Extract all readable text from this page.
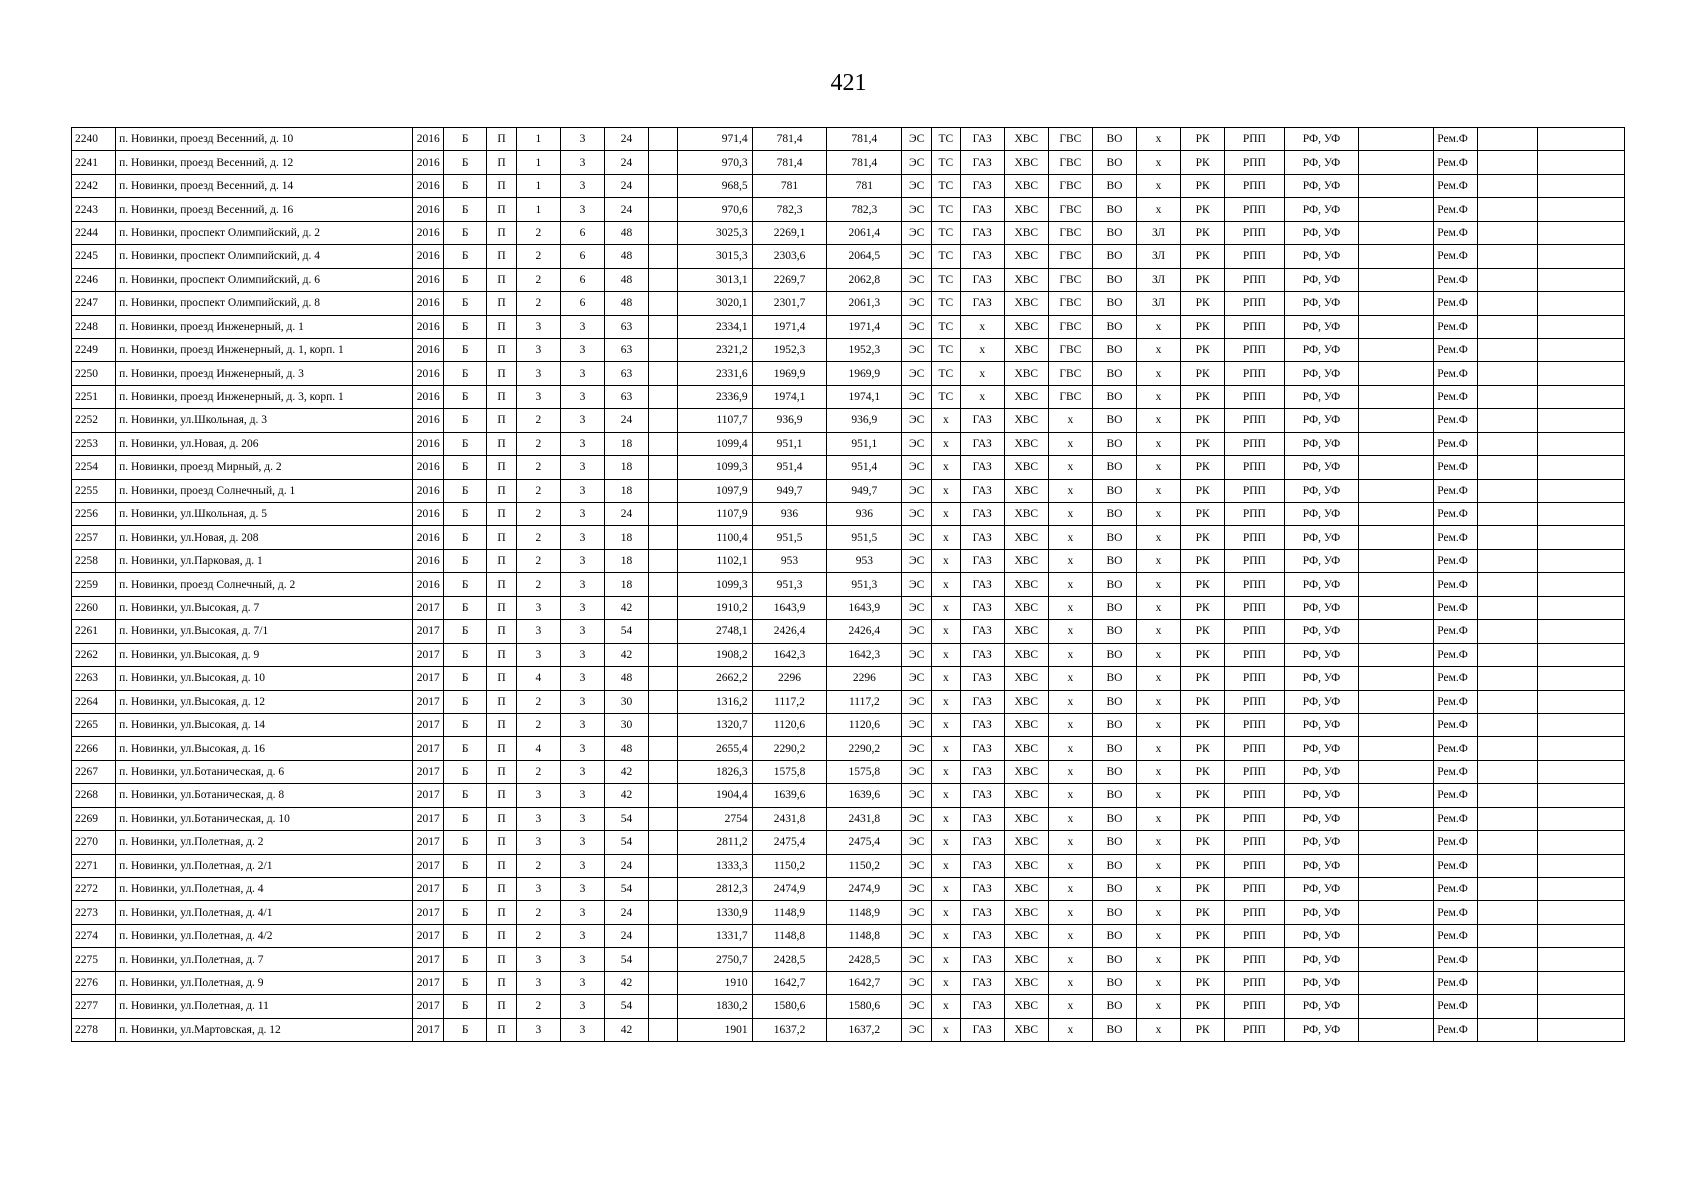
421
2240	п. Новинки, проезд Весенний, д. 10	2016	Б	П	1	3	24		971,4	781,4	781,4	ЭС	ТС	ГАЗ	ХВС	ГВС	ВО	х	РК	РПП	РФ, УФ		Рем.Ф		
2241	п. Новинки, проезд Весенний, д. 12	2016	Б	П	1	3	24		970,3	781,4	781,4	ЭС	ТС	ГАЗ	ХВС	ГВС	ВО	х	РК	РПП	РФ, УФ		Рем.Ф		
2242	п. Новинки, проезд Весенний, д. 14	2016	Б	П	1	3	24		968,5	781	781	ЭС	ТС	ГАЗ	ХВС	ГВС	ВО	х	РК	РПП	РФ, УФ		Рем.Ф		
2243	п. Новинки, проезд Весенний, д. 16	2016	Б	П	1	3	24		970,6	782,3	782,3	ЭС	ТС	ГАЗ	ХВС	ГВС	ВО	х	РК	РПП	РФ, УФ		Рем.Ф		
2244	п. Новинки, проспект Олимпийский, д. 2	2016	Б	П	2	6	48		3025,3	2269,1	2061,4	ЭС	ТС	ГАЗ	ХВС	ГВС	ВО	ЗЛ	РК	РПП	РФ, УФ		Рем.Ф		
2245	п. Новинки, проспект Олимпийский, д. 4	2016	Б	П	2	6	48		3015,3	2303,6	2064,5	ЭС	ТС	ГАЗ	ХВС	ГВС	ВО	ЗЛ	РК	РПП	РФ, УФ		Рем.Ф		
2246	п. Новинки, проспект Олимпийский, д. 6	2016	Б	П	2	6	48		3013,1	2269,7	2062,8	ЭС	ТС	ГАЗ	ХВС	ГВС	ВО	ЗЛ	РК	РПП	РФ, УФ		Рем.Ф		
2247	п. Новинки, проспект Олимпийский, д. 8	2016	Б	П	2	6	48		3020,1	2301,7	2061,3	ЭС	ТС	ГАЗ	ХВС	ГВС	ВО	ЗЛ	РК	РПП	РФ, УФ		Рем.Ф		
2248	п. Новинки, проезд Инженерный, д. 1	2016	Б	П	3	3	63		2334,1	1971,4	1971,4	ЭС	ТС	х	ХВС	ГВС	ВО	х	РК	РПП	РФ, УФ		Рем.Ф		
2249	п. Новинки, проезд Инженерный, д. 1, корп. 1	2016	Б	П	3	3	63		2321,2	1952,3	1952,3	ЭС	ТС	х	ХВС	ГВС	ВО	х	РК	РПП	РФ, УФ		Рем.Ф		
2250	п. Новинки, проезд Инженерный, д. 3	2016	Б	П	3	3	63		2331,6	1969,9	1969,9	ЭС	ТС	х	ХВС	ГВС	ВО	х	РК	РПП	РФ, УФ		Рем.Ф		
2251	п. Новинки, проезд Инженерный, д. 3, корп. 1	2016	Б	П	3	3	63		2336,9	1974,1	1974,1	ЭС	ТС	х	ХВС	ГВС	ВО	х	РК	РПП	РФ, УФ		Рем.Ф		
2252	п. Новинки, ул.Школьная, д. 3	2016	Б	П	2	3	24		1107,7	936,9	936,9	ЭС	х	ГАЗ	ХВС	х	ВО	х	РК	РПП	РФ, УФ		Рем.Ф		
2253	п. Новинки, ул.Новая, д. 206	2016	Б	П	2	3	18		1099,4	951,1	951,1	ЭС	х	ГАЗ	ХВС	х	ВО	х	РК	РПП	РФ, УФ		Рем.Ф		
2254	п. Новинки, проезд Мирный, д. 2	2016	Б	П	2	3	18		1099,3	951,4	951,4	ЭС	х	ГАЗ	ХВС	х	ВО	х	РК	РПП	РФ, УФ		Рем.Ф		
2255	п. Новинки, проезд Солнечный, д. 1	2016	Б	П	2	3	18		1097,9	949,7	949,7	ЭС	х	ГАЗ	ХВС	х	ВО	х	РК	РПП	РФ, УФ		Рем.Ф		
2256	п. Новинки, ул.Школьная, д. 5	2016	Б	П	2	3	24		1107,9	936	936	ЭС	х	ГАЗ	ХВС	х	ВО	х	РК	РПП	РФ, УФ		Рем.Ф		
2257	п. Новинки, ул.Новая, д. 208	2016	Б	П	2	3	18		1100,4	951,5	951,5	ЭС	х	ГАЗ	ХВС	х	ВО	х	РК	РПП	РФ, УФ		Рем.Ф		
2258	п. Новинки, ул.Парковая, д. 1	2016	Б	П	2	3	18		1102,1	953	953	ЭС	х	ГАЗ	ХВС	х	ВО	х	РК	РПП	РФ, УФ		Рем.Ф		
2259	п. Новинки, проезд Солнечный, д. 2	2016	Б	П	2	3	18		1099,3	951,3	951,3	ЭС	х	ГАЗ	ХВС	х	ВО	х	РК	РПП	РФ, УФ		Рем.Ф		
2260	п. Новинки, ул.Высокая, д. 7	2017	Б	П	3	3	42		1910,2	1643,9	1643,9	ЭС	х	ГАЗ	ХВС	х	ВО	х	РК	РПП	РФ, УФ		Рем.Ф		
2261	п. Новинки, ул.Высокая, д. 7/1	2017	Б	П	3	3	54		2748,1	2426,4	2426,4	ЭС	х	ГАЗ	ХВС	х	ВО	х	РК	РПП	РФ, УФ		Рем.Ф		
2262	п. Новинки, ул.Высокая, д. 9	2017	Б	П	3	3	42		1908,2	1642,3	1642,3	ЭС	х	ГАЗ	ХВС	х	ВО	х	РК	РПП	РФ, УФ		Рем.Ф		
2263	п. Новинки, ул.Высокая, д. 10	2017	Б	П	4	3	48		2662,2	2296	2296	ЭС	х	ГАЗ	ХВС	х	ВО	х	РК	РПП	РФ, УФ		Рем.Ф		
2264	п. Новинки, ул.Высокая, д. 12	2017	Б	П	2	3	30		1316,2	1117,2	1117,2	ЭС	х	ГАЗ	ХВС	х	ВО	х	РК	РПП	РФ, УФ		Рем.Ф		
2265	п. Новинки, ул.Высокая, д. 14	2017	Б	П	2	3	30		1320,7	1120,6	1120,6	ЭС	х	ГАЗ	ХВС	х	ВО	х	РК	РПП	РФ, УФ		Рем.Ф		
2266	п. Новинки, ул.Высокая, д. 16	2017	Б	П	4	3	48		2655,4	2290,2	2290,2	ЭС	х	ГАЗ	ХВС	х	ВО	х	РК	РПП	РФ, УФ		Рем.Ф		
2267	п. Новинки, ул.Ботаническая, д. 6	2017	Б	П	2	3	42		1826,3	1575,8	1575,8	ЭС	х	ГАЗ	ХВС	х	ВО	х	РК	РПП	РФ, УФ		Рем.Ф		
2268	п. Новинки, ул.Ботаническая, д. 8	2017	Б	П	3	3	42		1904,4	1639,6	1639,6	ЭС	х	ГАЗ	ХВС	х	ВО	х	РК	РПП	РФ, УФ		Рем.Ф		
2269	п. Новинки, ул.Ботаническая, д. 10	2017	Б	П	3	3	54		2754	2431,8	2431,8	ЭС	х	ГАЗ	ХВС	х	ВО	х	РК	РПП	РФ, УФ		Рем.Ф		
2270	п. Новинки, ул.Полетная, д. 2	2017	Б	П	3	3	54		2811,2	2475,4	2475,4	ЭС	х	ГАЗ	ХВС	х	ВО	х	РК	РПП	РФ, УФ		Рем.Ф		
2271	п. Новинки, ул.Полетная, д. 2/1	2017	Б	П	2	3	24		1333,3	1150,2	1150,2	ЭС	х	ГАЗ	ХВС	х	ВО	х	РК	РПП	РФ, УФ		Рем.Ф		
2272	п. Новинки, ул.Полетная, д. 4	2017	Б	П	3	3	54		2812,3	2474,9	2474,9	ЭС	х	ГАЗ	ХВС	х	ВО	х	РК	РПП	РФ, УФ		Рем.Ф		
2273	п. Новинки, ул.Полетная, д. 4/1	2017	Б	П	2	3	24		1330,9	1148,9	1148,9	ЭС	х	ГАЗ	ХВС	х	ВО	х	РК	РПП	РФ, УФ		Рем.Ф		
2274	п. Новинки, ул.Полетная, д. 4/2	2017	Б	П	2	3	24		1331,7	1148,8	1148,8	ЭС	х	ГАЗ	ХВС	х	ВО	х	РК	РПП	РФ, УФ		Рем.Ф		
2275	п. Новинки, ул.Полетная, д. 7	2017	Б	П	3	3	54		2750,7	2428,5	2428,5	ЭС	х	ГАЗ	ХВС	х	ВО	х	РК	РПП	РФ, УФ		Рем.Ф		
2276	п. Новинки, ул.Полетная, д. 9	2017	Б	П	3	3	42		1910	1642,7	1642,7	ЭС	х	ГАЗ	ХВС	х	ВО	х	РК	РПП	РФ, УФ		Рем.Ф		
2277	п. Новинки, ул.Полетная, д. 11	2017	Б	П	2	3	54		1830,2	1580,6	1580,6	ЭС	х	ГАЗ	ХВС	х	ВО	х	РК	РПП	РФ, УФ		Рем.Ф		
2278	п. Новинки, ул.Мартовская, д. 12	2017	Б	П	3	3	42		1901	1637,2	1637,2	ЭС	х	ГАЗ	ХВС	х	ВО	х	РК	РПП	РФ, УФ		Рем.Ф		
